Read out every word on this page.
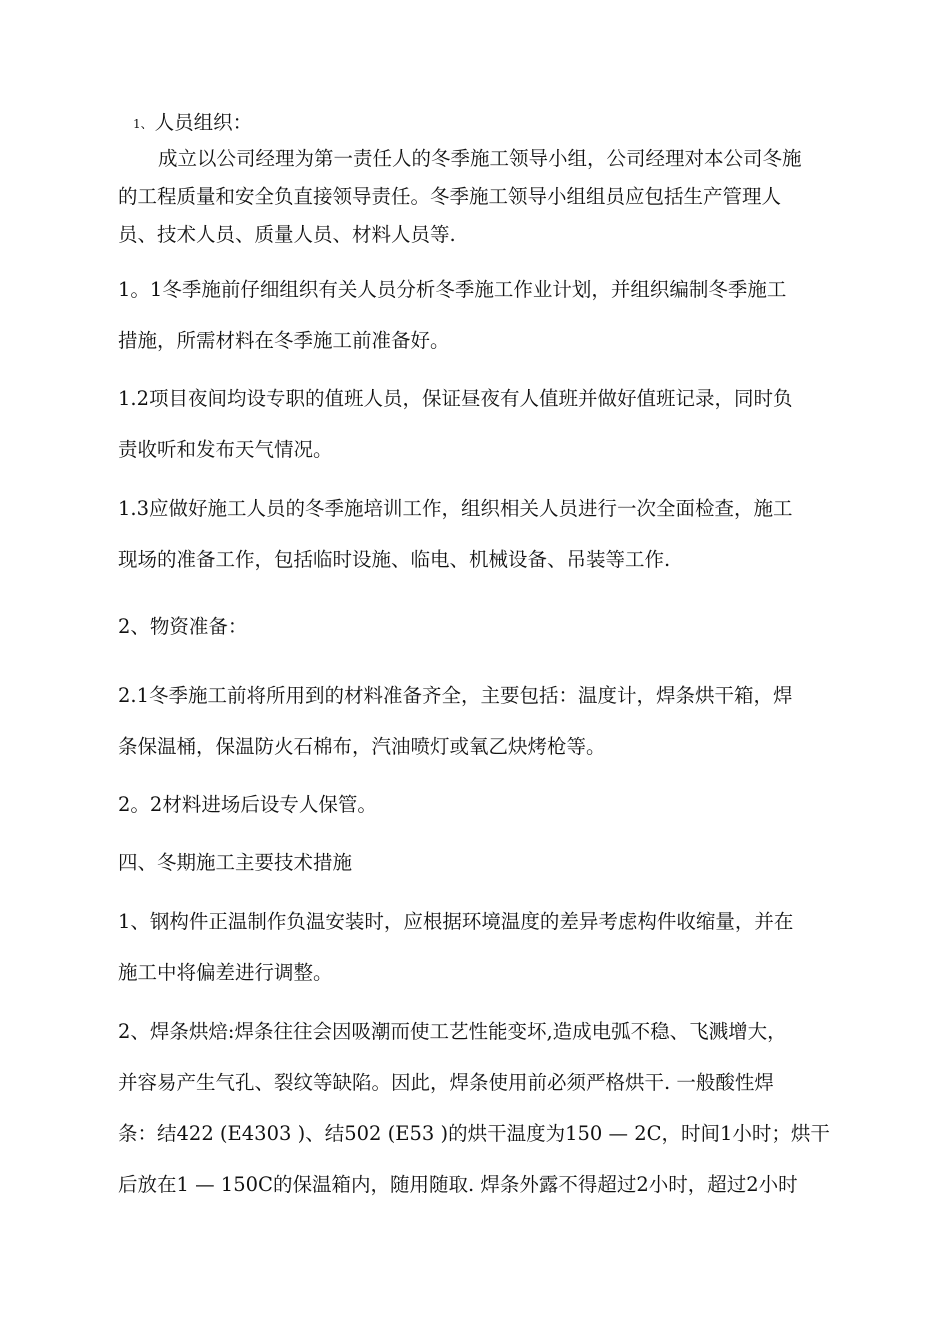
1、 人员组织：
成立以公司经理为第一责任人的冬季施工领导小组，公司经理对本公司冬施
的工程质量和安全负直接领导责任。冬季施工领导小组组员应包括生产管理人
员、技术人员、质量人员、材料人员等.
1。1冬季施前仔细组织有关人员分析冬季施工作业计划，并组织编制冬季施工
措施，所需材料在冬季施工前准备好。
1.2项目夜间均设专职的值班人员，保证昼夜有人值班并做好值班记录，同时负
责收听和发布天气情况。
1.3应做好施工人员的冬季施培训工作，组织相关人员进行一次全面检查，施工
现场的准备工作，包括临时设施、临电、机械设备、吊装等工作.
2、物资准备：
2.1冬季施工前将所用到的材料准备齐全，主要包括：温度计，焊条烘干箱，焊
条保温桶，保温防火石棉布，汽油喷灯或氧乙炔烤枪等。
2。2材料进场后设专人保管。
四、冬期施工主要技术措施
1、钢构件正温制作负温安装时，应根据环境温度的差异考虑构件收缩量，并在
施工中将偏差进行调整。
2、焊条烘焙:焊条往往会因吸潮而使工艺性能变坏,造成电弧不稳、飞溅增大，
并容易产生气孔、裂纹等缺陷。因此，焊条使用前必须严格烘干. 一般酸性焊
条：结422 (E4303 )、结502 (E53 )的烘干温度为150 — 2C，时间1小时；烘干
后放在1 — 150C的保温箱内，随用随取. 焊条外露不得超过2小时，超过2小时
